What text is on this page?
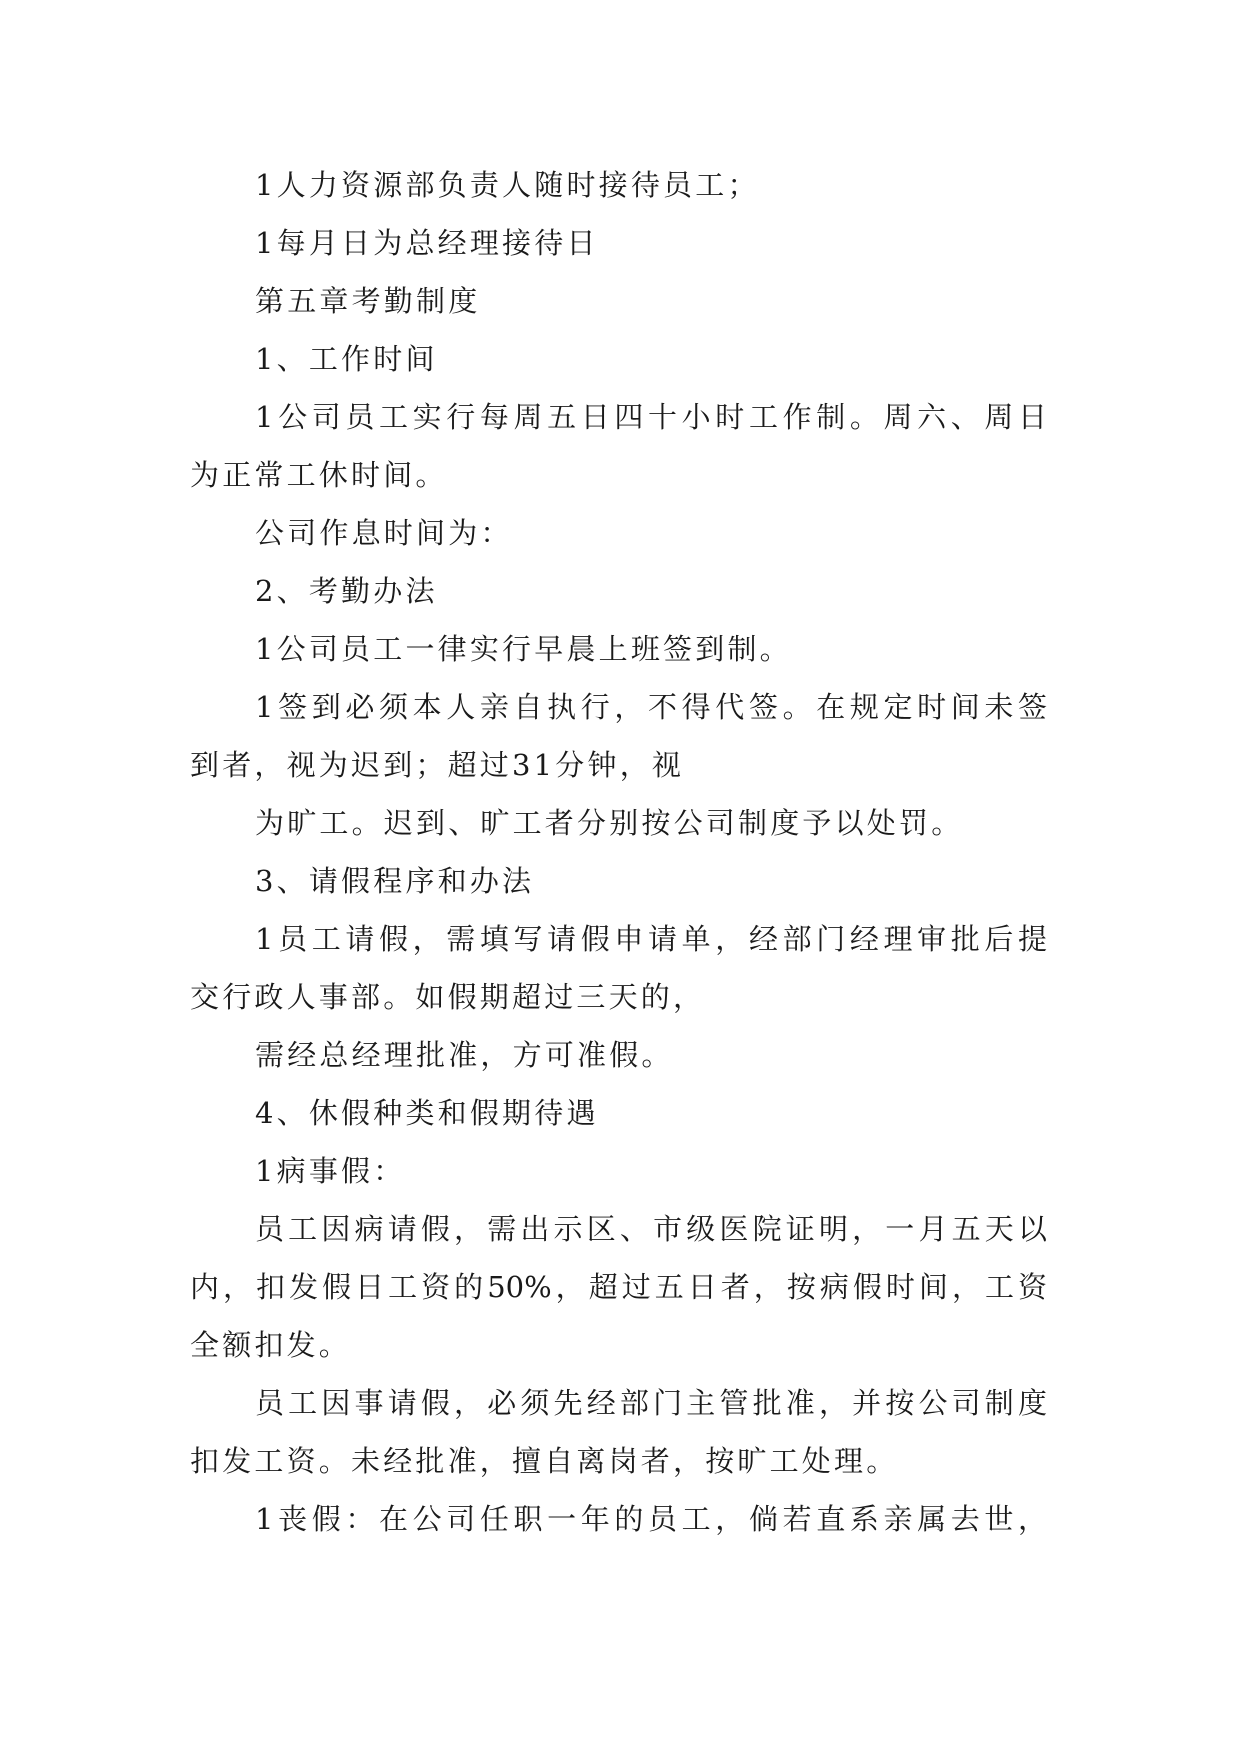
1人力资源部负责人随时接待员工；
1每月日为总经理接待日
第五章考勤制度
1、工作时间
1公司员工实行每周五日四十小时工作制。周六、周日
为正常工休时间。
公司作息时间为：
2、考勤办法
1公司员工一律实行早晨上班签到制。
1签到必须本人亲自执行，不得代签。在规定时间未签
到者，视为迟到；超过31分钟，视
为旷工。迟到、旷工者分别按公司制度予以处罚。
3、请假程序和办法
1员工请假，需填写请假申请单，经部门经理审批后提
交行政人事部。如假期超过三天的，
需经总经理批准，方可准假。
4、休假种类和假期待遇
1病事假：
员工因病请假，需出示区、市级医院证明，一月五天以
内，扣发假日工资的50%，超过五日者，按病假时间，工资
全额扣发。
员工因事请假，必须先经部门主管批准，并按公司制度
扣发工资。未经批准，擅自离岗者，按旷工处理。
1丧假：在公司任职一年的员工，倘若直系亲属去世，
